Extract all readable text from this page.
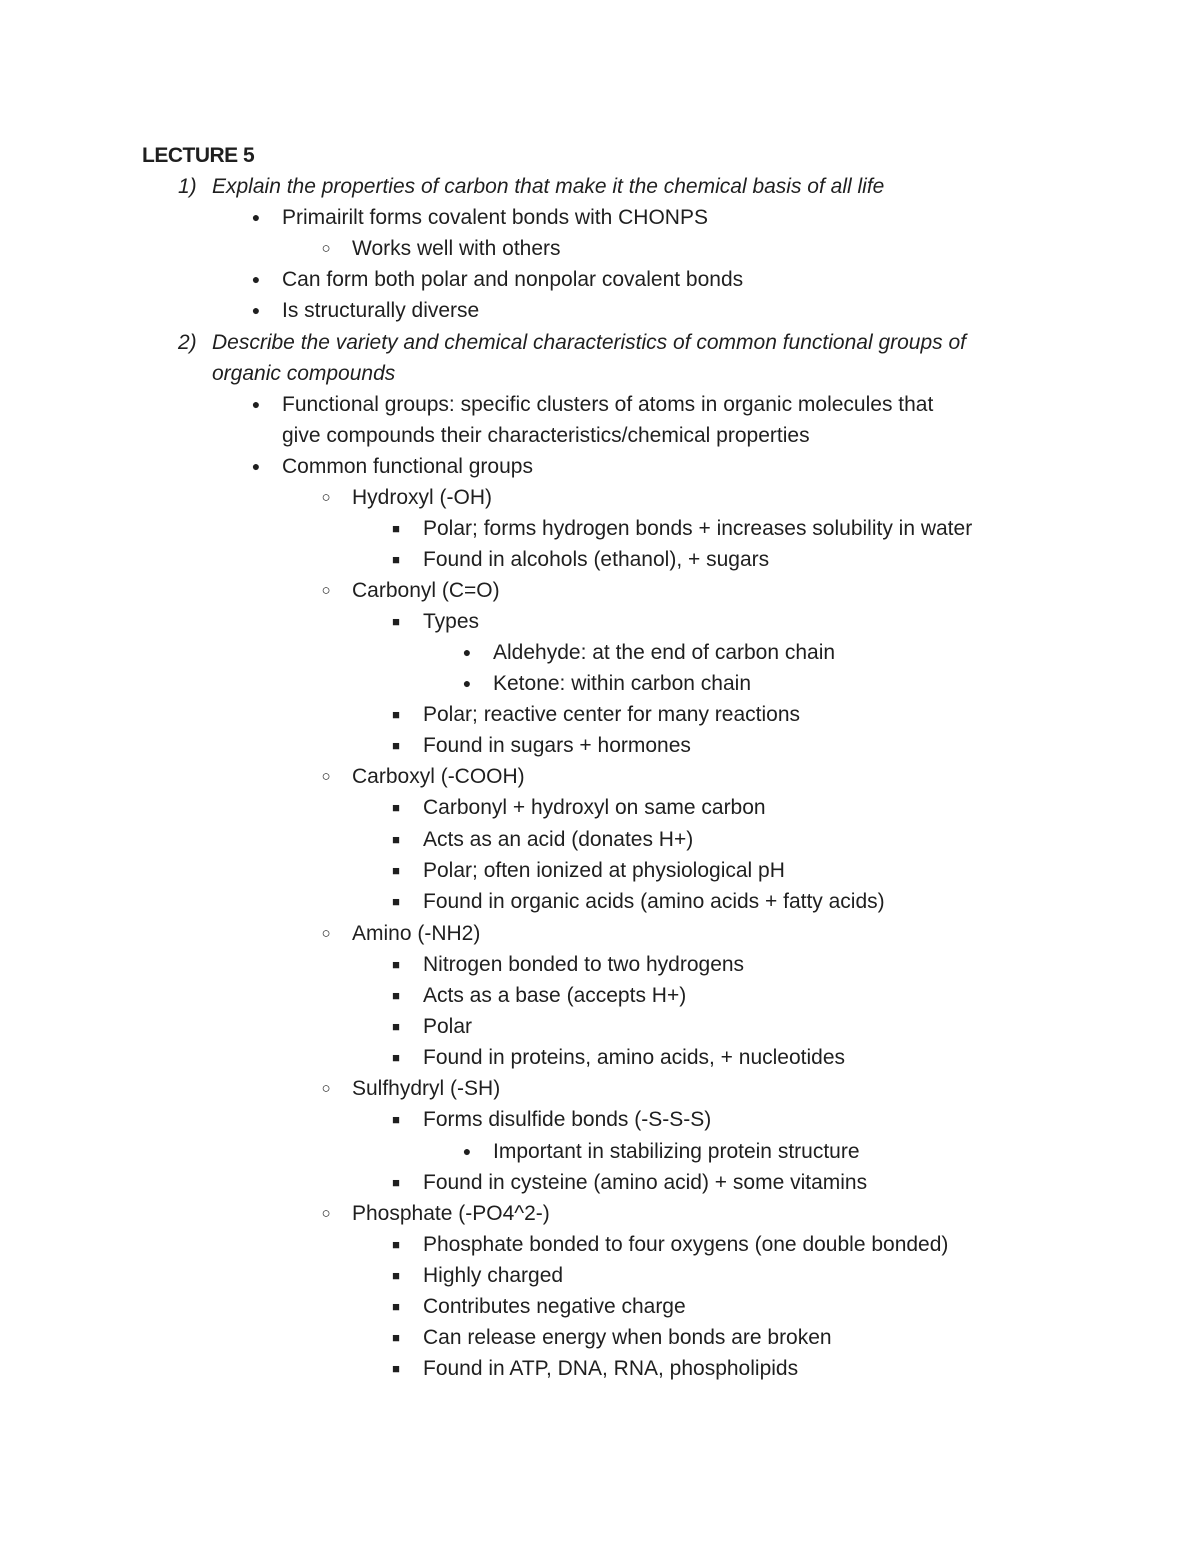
LECTURE 5
1) Explain the properties of carbon that make it the chemical basis of all life
● Primairilt forms covalent bonds with CHONPS
○ Works well with others
● Can form both polar and nonpolar covalent bonds
● Is structurally diverse
2) Describe the variety and chemical characteristics of common functional groups of
organic compounds
● Functional groups: specific clusters of atoms in organic molecules that
give compounds their characteristics/chemical properties
● Common functional groups
○ Hydroxyl (-OH)
■ Polar; forms hydrogen bonds + increases solubility in water
■ Found in alcohols (ethanol), + sugars
○ Carbonyl (C=O)
■ Types
● Aldehyde: at the end of carbon chain
● Ketone: within carbon chain
■ Polar; reactive center for many reactions
■ Found in sugars + hormones
○ Carboxyl (-COOH)
■ Carbonyl + hydroxyl on same carbon
■ Acts as an acid (donates H+)
■ Polar; often ionized at physiological pH
■ Found in organic acids (amino acids + fatty acids)
○ Amino (-NH2)
■ Nitrogen bonded to two hydrogens
■ Acts as a base (accepts H+)
■ Polar
■ Found in proteins, amino acids, + nucleotides
○ Sulfhydryl (-SH)
■ Forms disulfide bonds (-S-S-S)
● Important in stabilizing protein structure
■ Found in cysteine (amino acid) + some vitamins
○ Phosphate (-PO4^2-)
■ Phosphate bonded to four oxygens (one double bonded)
■ Highly charged
■ Contributes negative charge
■ Can release energy when bonds are broken
■ Found in ATP, DNA, RNA, phospholipids
